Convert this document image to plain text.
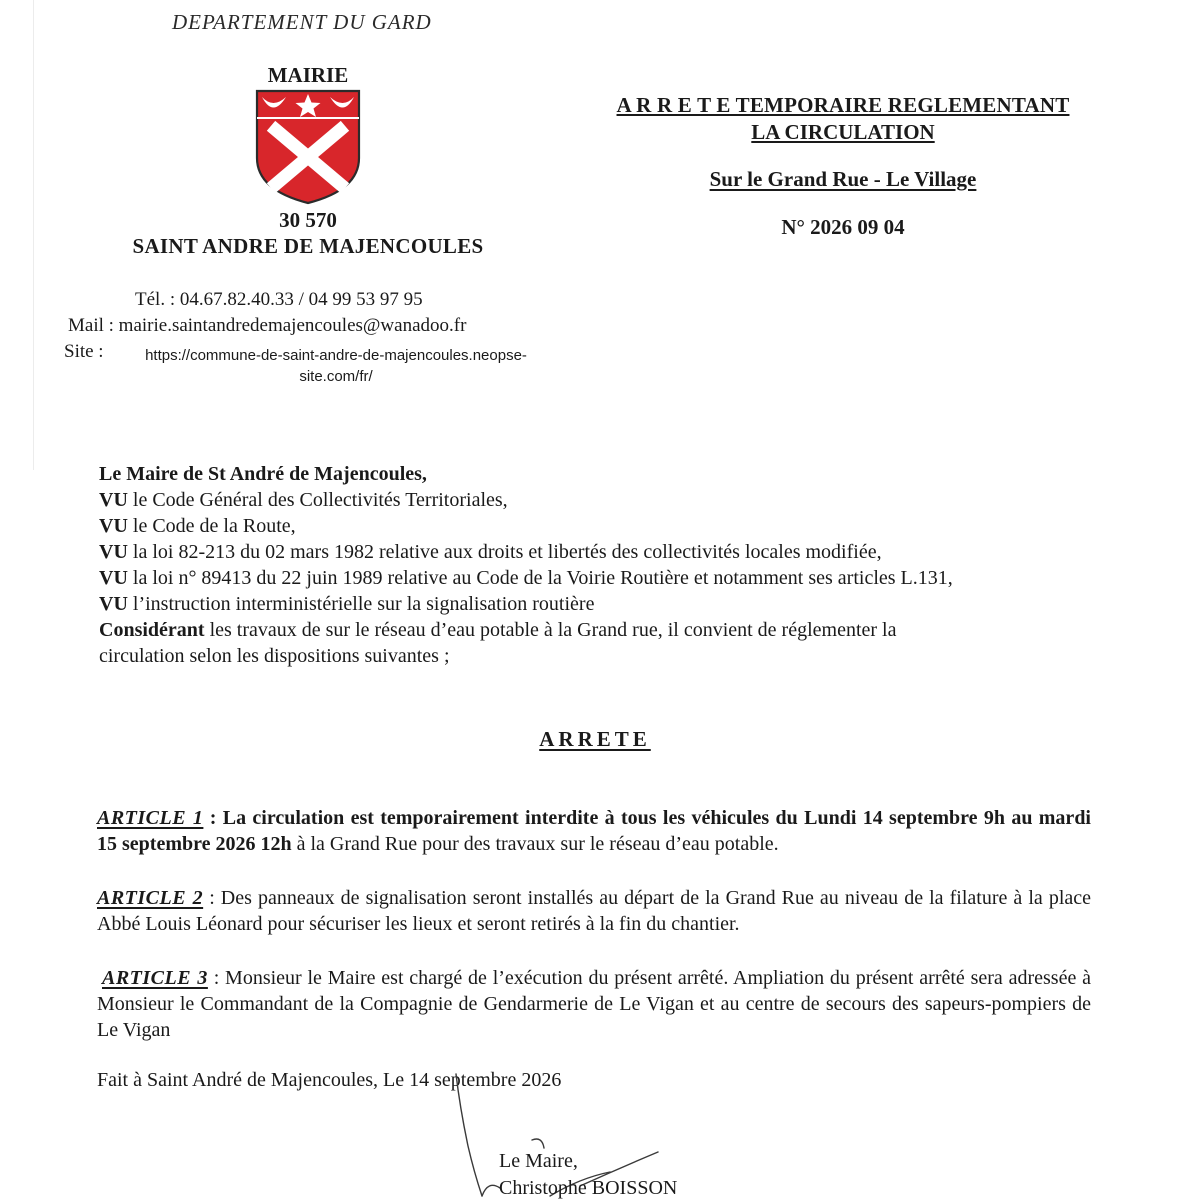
DEPARTEMENT DU GARD
MAIRIE
30 570
SAINT ANDRE DE MAJENCOULES
Tél. : 04.67.82.40.33 / 04 99 53 97 95
Mail : mairie.saintandredemajencoules@wanadoo.fr
Site :	https://commune-de-saint-andre-de-majencoules.neopse-
site.com/fr/
A R R E T E TEMPORAIRE REGLEMENTANT
LA CIRCULATION
Sur le Grand Rue - Le Village
N° 2026 09 04
Le Maire de St André de Majencoules,
VU le Code Général des Collectivités Territoriales,
VU le Code de la Route,
VU la loi 82-213 du 02 mars 1982 relative aux droits et libertés des collectivités locales modifiée,
VU la loi n° 89413 du 22 juin 1989 relative au Code de la Voirie Routière et notamment ses articles L.131,
VU l’instruction interministérielle sur la signalisation routière
Considérant les travaux de sur le réseau d’eau potable à la Grand rue, il convient de réglementer la
circulation selon les dispositions suivantes ;
ARRETE
ARTICLE 1 : La circulation est temporairement interdite à tous les véhicules du Lundi 14 septembre 9h au mardi 15 septembre 2026 12h à la Grand Rue pour des travaux sur le réseau d’eau potable.
ARTICLE 2 : Des panneaux de signalisation seront installés au départ de la Grand Rue au niveau de la filature à la place Abbé Louis Léonard pour sécuriser les lieux et seront retirés à la fin du chantier.
ARTICLE 3 : Monsieur le Maire est chargé de l’exécution du présent arrêté. Ampliation du présent arrêté sera adressée à Monsieur le Commandant de la Compagnie de Gendarmerie de Le Vigan et au centre de secours des sapeurs-pompiers de Le Vigan
Fait à Saint André de Majencoules, Le 14 septembre 2026
Le Maire,
Christophe BOISSON
